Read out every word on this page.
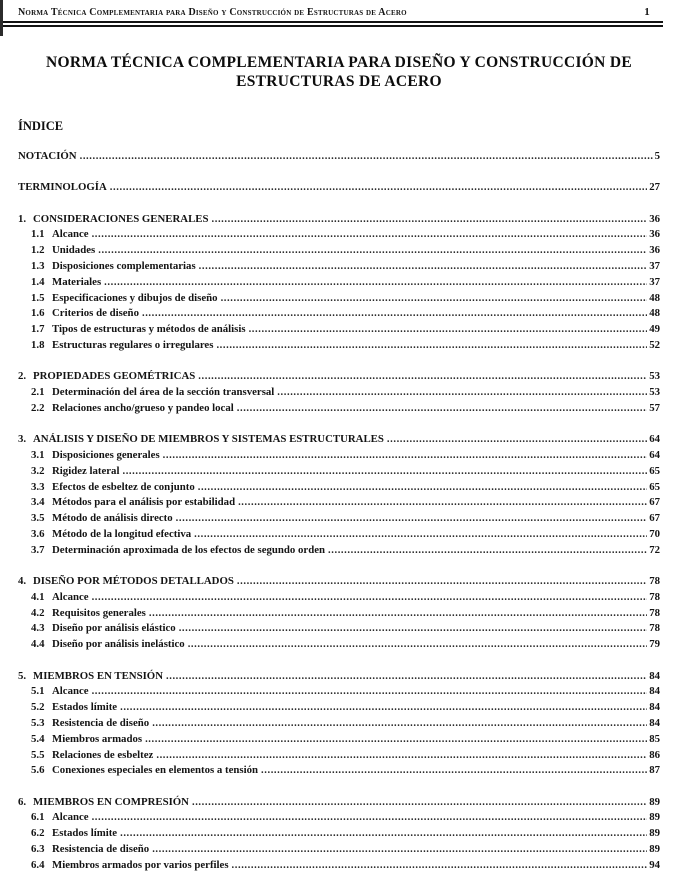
Norma Técnica Complementaria para Diseño y Construcción de Estructuras de Acero	1
NORMA TÉCNICA COMPLEMENTARIA PARA DISEÑO Y CONSTRUCCIÓN DE
ESTRUCTURAS DE ACERO
ÍNDICE
NOTACIÓN .....	5
TERMINOLOGÍA .....	27
1. CONSIDERACIONES GENERALES .....	36
1.1 Alcance .....	36
1.2 Unidades .....	36
1.3 Disposiciones complementarias .....	37
1.4 Materiales .....	37
1.5 Especificaciones y dibujos de diseño .....	48
1.6 Criterios de diseño .....	48
1.7 Tipos de estructuras y métodos de análisis .....	49
1.8 Estructuras regulares o irregulares .....	52
2. PROPIEDADES GEOMÉTRICAS .....	53
2.1 Determinación del área de la sección transversal .....	53
2.2 Relaciones ancho/grueso y pandeo local .....	57
3. ANÁLISIS Y DISEÑO DE MIEMBROS Y SISTEMAS ESTRUCTURALES .....	64
3.1 Disposiciones generales .....	64
3.2 Rigidez lateral .....	65
3.3 Efectos de esbeltez de conjunto .....	65
3.4 Métodos para el análisis por estabilidad .....	67
3.5 Método de análisis directo .....	67
3.6 Método de la longitud efectiva .....	70
3.7 Determinación aproximada de los efectos de segundo orden .....	72
4. DISEÑO POR MÉTODOS DETALLADOS .....	78
4.1 Alcance .....	78
4.2 Requisitos generales .....	78
4.3 Diseño por análisis elástico .....	78
4.4 Diseño por análisis inelástico .....	79
5. MIEMBROS EN TENSIÓN .....	84
5.1 Alcance .....	84
5.2 Estados límite .....	84
5.3 Resistencia de diseño .....	84
5.4 Miembros armados .....	85
5.5 Relaciones de esbeltez .....	86
5.6 Conexiones especiales en elementos a tensión .....	87
6. MIEMBROS EN COMPRESIÓN .....	89
6.1 Alcance .....	89
6.2 Estados límite .....	89
6.3 Resistencia de diseño .....	89
6.4 Miembros armados por varios perfiles .....	94
